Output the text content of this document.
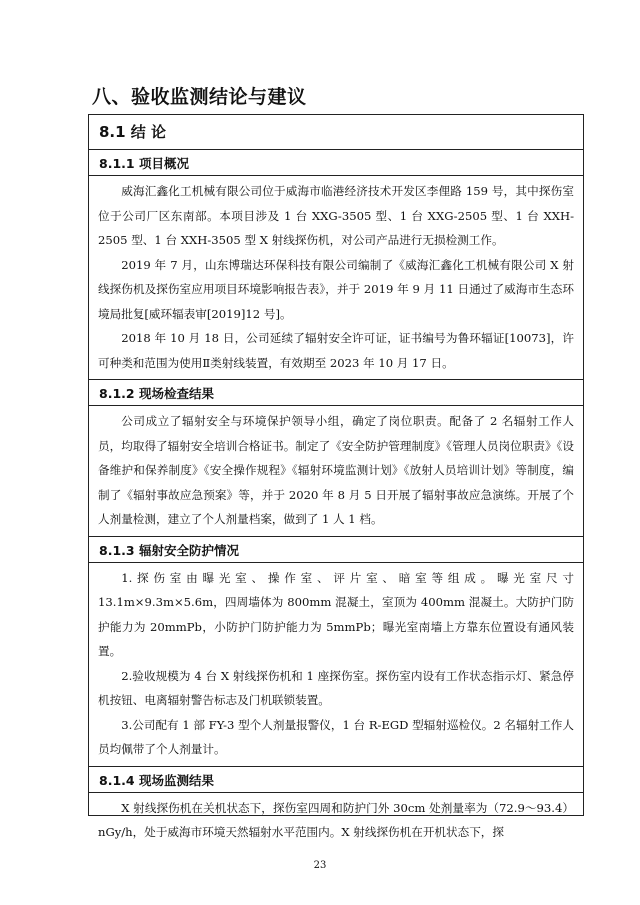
八、验收监测结论与建议
8.1 结 论
8.1.1 项目概况

威海汇鑫化工机械有限公司位于威海市临港经济技术开发区李俚路 159 号，其中探伤室位于公司厂区东南部。本项目涉及 1 台 XXG-3505 型、1 台 XXG-2505 型、1 台 XXH-2505 型、1 台 XXH-3505 型 X 射线探伤机，对公司产品进行无损检测工作。

2019 年 7 月，山东博瑞达环保科技有限公司编制了《威海汇鑫化工机械有限公司 X 射线探伤机及探伤室应用项目环境影响报告表》，并于 2019 年 9 月 11 日通过了威海市生态环境局批复[威环辐表审[2019]12 号]。

2018 年 10 月 18 日，公司延续了辐射安全许可证，证书编号为鲁环辐证[10073]，许可种类和范围为使用Ⅱ类射线装置，有效期至 2023 年 10 月 17 日。

8.1.2 现场检查结果

公司成立了辐射安全与环境保护领导小组，确定了岗位职责。配备了 2 名辐射工作人员，均取得了辐射安全培训合格证书。制定了《安全防护管理制度》《管理人员岗位职责》《设备维护和保养制度》《安全操作规程》《辐射环境监测计划》《放射人员培训计划》等制度，编制了《辐射事故应急预案》等，并于 2020 年 8 月 5 日开展了辐射事故应急演练。开展了个人剂量检测，建立了个人剂量档案，做到了 1 人 1 档。

8.1.3 辐射安全防护情况

1.探伤室由曝光室、操作室、评片室、暗室等组成。曝光室尺寸 13.1m×9.3m×5.6m，四周墙体为 800mm 混凝土，室顶为 400mm 混凝土。大防护门防护能力为 20mmPb，小防护门防护能力为 5mmPb；曝光室南墙上方靠东位置设有通风装置。

2.验收规模为 4 台 X 射线探伤机和 1 座探伤室。探伤室内设有工作状态指示灯、紧急停机按钮、电离辐射警告标志及门机联锁装置。

3.公司配有 1 部 FY-3 型个人剂量报警仪，1 台 R-EGD 型辐射巡检仪。2 名辐射工作人员均佩带了个人剂量计。

8.1.4 现场监测结果

X 射线探伤机在关机状态下，探伤室四周和防护门外 30cm 处剂量率为（72.9～93.4）nGy/h，处于威海市环境天然辐射水平范围内。X 射线探伤机在开机状态下，探

23
